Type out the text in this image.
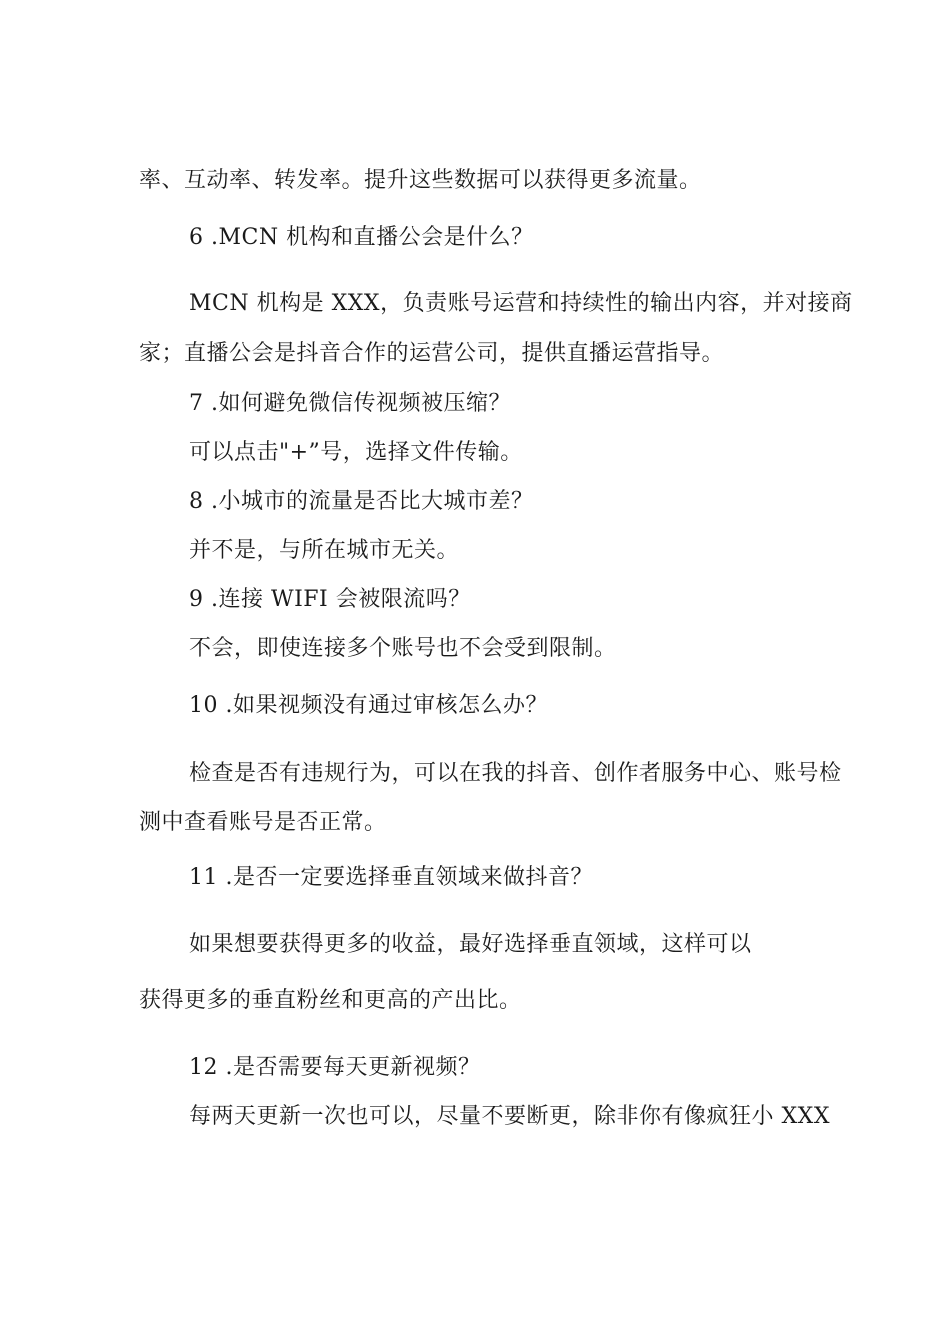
率、互动率、转发率。提升这些数据可以获得更多流量。
6 .MCN 机构和直播公会是什么？
MCN 机构是 XXX，负责账号运营和持续性的输出内容，并对接商
家；直播公会是抖音合作的运营公司，提供直播运营指导。
7 .如何避免微信传视频被压缩？
可以点击"+”号，选择文件传输。
8 .小城市的流量是否比大城市差？
并不是，与所在城市无关。
9 .连接 WIFI 会被限流吗？
不会，即使连接多个账号也不会受到限制。
10 .如果视频没有通过审核怎么办？
检查是否有违规行为，可以在我的抖音、创作者服务中心、账号检
测中查看账号是否正常。
11 .是否一定要选择垂直领域来做抖音？
如果想要获得更多的收益，最好选择垂直领域，这样可以
获得更多的垂直粉丝和更高的产出比。
12 .是否需要每天更新视频？
每两天更新一次也可以，尽量不要断更，除非你有像疯狂小 XXX
